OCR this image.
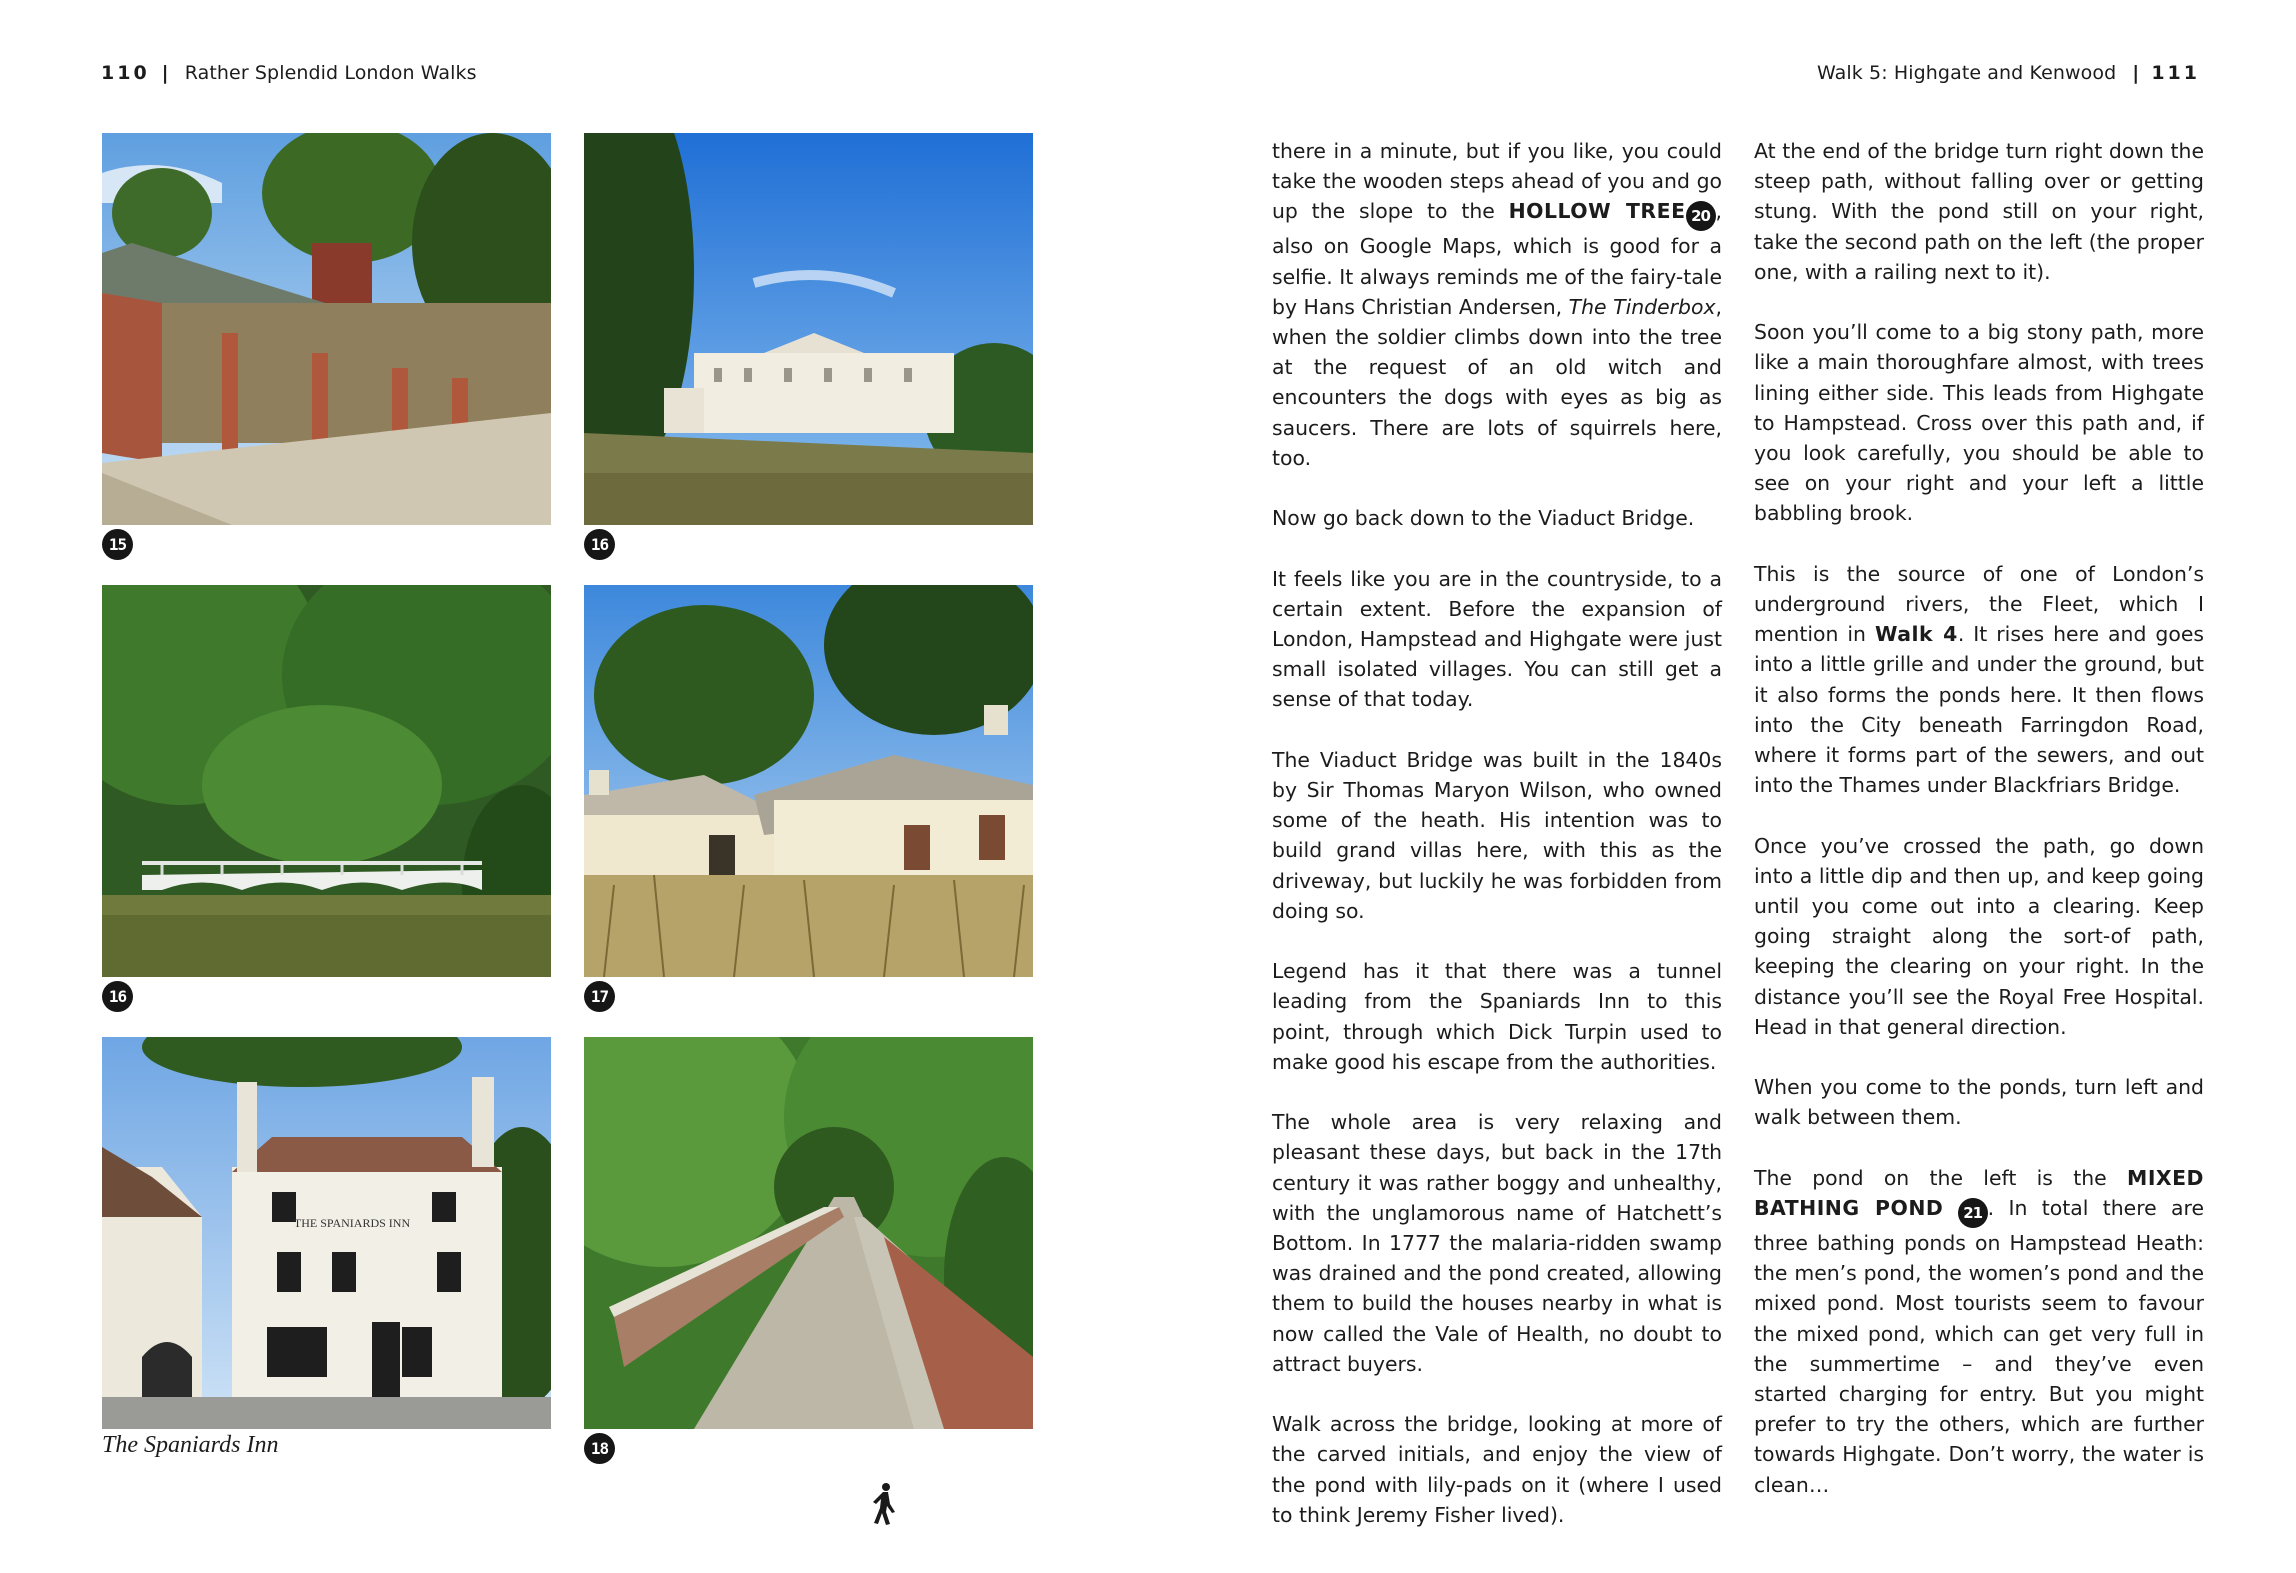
110 | Rather Splendid London Walks	Walk 5: Highgate and Kenwood | 111
15	16
16	17
THE SPANIARDS INN
The Spaniards Inn	18

there in a minute, but if you like, you could take the wooden steps ahead of you and go up the slope to the HOLLOW TREE 20 , also on Google Maps, which is good for a selfie. It always reminds me of the fairy-tale by Hans Christian Andersen, The Tinderbox, when the soldier climbs down into the tree at the request of an old witch and encounters the dogs with eyes as big as saucers. There are lots of squirrels here, too.

Now go back down to the Viaduct Bridge.

It feels like you are in the countryside, to a certain extent. Before the expansion of London, Hampstead and Highgate were just small isolated villages. You can still get a sense of that today.

The Viaduct Bridge was built in the 1840s by Sir Thomas Maryon Wilson, who owned some of the heath. His intention was to build grand villas here, with this as the driveway, but luckily he was forbidden from doing so.

Legend has it that there was a tunnel leading from the Spaniards Inn to this point, through which Dick Turpin used to make good his escape from the authorities.

The whole area is very relaxing and pleasant these days, but back in the 17th century it was rather boggy and unhealthy, with the unglamorous name of Hatchett’s Bottom. In 1777 the malaria-ridden swamp was drained and the pond created, allowing them to build the houses nearby in what is now called the Vale of Health, no doubt to attract buyers.

Walk across the bridge, looking at more of the carved initials, and enjoy the view of the pond with lily-pads on it (where I used to think Jeremy Fisher lived).

At the end of the bridge turn right down the steep path, without falling over or getting stung. With the pond still on your right, take the second path on the left (the proper one, with a railing next to it).

Soon you’ll come to a big stony path, more like a main thoroughfare almost, with trees lining either side. This leads from Highgate to Hampstead. Cross over this path and, if you look carefully, you should be able to see on your right and your left a little babbling brook.

This is the source of one of London’s underground rivers, the Fleet, which I mention in Walk 4. It rises here and goes into a little grille and under the ground, but it also forms the ponds here. It then flows into the City beneath Farringdon Road, where it forms part of the sewers, and out into the Thames under Blackfriars Bridge.

Once you’ve crossed the path, go down into a little dip and then up, and keep going until you come out into a clearing. Keep going straight along the sort-of path, keeping the clearing on your right. In the distance you’ll see the Royal Free Hospital. Head in that general direction.

When you come to the ponds, turn left and walk between them.

The pond on the left is the MIXED BATHING POND 21 . In total there are three bathing ponds on Hampstead Heath: the men’s pond, the women’s pond and the mixed pond. Most tourists seem to favour the mixed pond, which can get very full in the summertime – and they’ve even started charging for entry. But you might prefer to try the others, which are further towards Highgate. Don’t worry, the water is clean…
